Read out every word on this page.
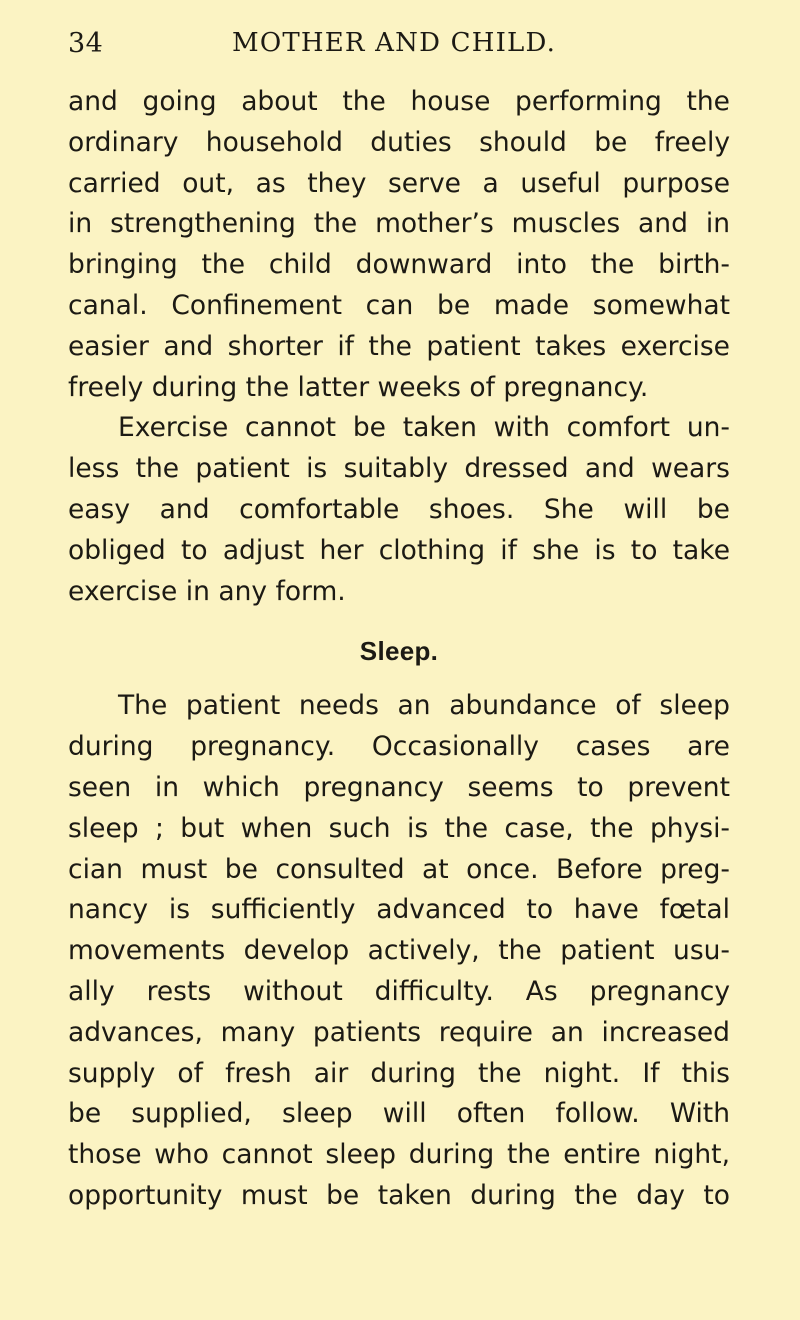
34	MOTHER AND CHILD.
and going about the house performing the
ordinary household duties should be freely
carried out, as they serve a useful purpose
in strengthening the mother’s muscles and in
bringing the child downward into the birth-
canal. Confinement can be made somewhat
easier and shorter if the patient takes exercise
freely during the latter weeks of pregnancy.
Exercise cannot be taken with comfort un-
less the patient is suitably dressed and wears
easy and comfortable shoes. She will be
obliged to adjust her clothing if she is to take
exercise in any form.
Sleep.
The patient needs an abundance of sleep
during pregnancy. Occasionally cases are
seen in which pregnancy seems to prevent
sleep ; but when such is the case, the physi-
cian must be consulted at once. Before preg-
nancy is sufficiently advanced to have fœtal
movements develop actively, the patient usu-
ally rests without difficulty. As pregnancy
advances, many patients require an increased
supply of fresh air during the night. If this
be supplied, sleep will often follow. With
those who cannot sleep during the entire night,
opportunity must be taken during the day to
